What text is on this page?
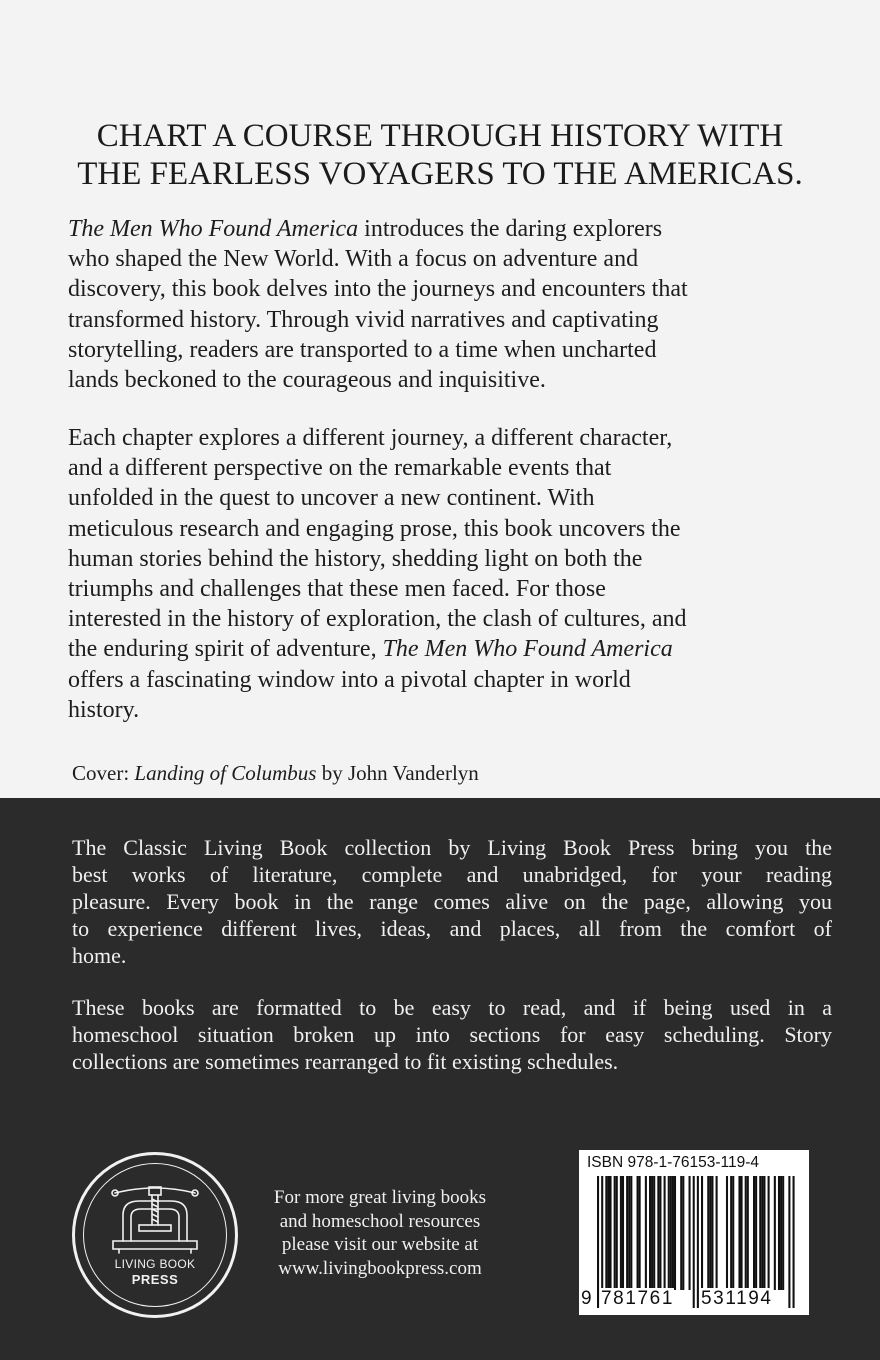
CHART A COURSE THROUGH HISTORY WITH
THE FEARLESS VOYAGERS TO THE AMERICAS.
The Men Who Found America introduces the daring explorers
who shaped the New World. With a focus on adventure and
discovery, this book delves into the journeys and encounters that
transformed history. Through vivid narratives and captivating
storytelling, readers are transported to a time when uncharted
lands beckoned to the courageous and inquisitive.
Each chapter explores a different journey, a different character,
and a different perspective on the remarkable events that
unfolded in the quest to uncover a new continent. With
meticulous research and engaging prose, this book uncovers the
human stories behind the history, shedding light on both the
triumphs and challenges that these men faced. For those
interested in the history of exploration, the clash of cultures, and
the enduring spirit of adventure, The Men Who Found America
offers a fascinating window into a pivotal chapter in world
history.
Cover: Landing of Columbus by John Vanderlyn
The Classic Living Book collection by Living Book Press bring you the
best works of literature, complete and unabridged, for your reading
pleasure. Every book in the range comes alive on the page, allowing you
to experience different lives, ideas, and places, all from the comfort of
home.
These books are formatted to be easy to read, and if being used in a
homeschool situation broken up into sections for easy scheduling. Story
collections are sometimes rearranged to fit existing schedules.
LIVING BOOK
PRESS
For more great living books
and homeschool resources
please visit our website at
www.livingbookpress.com
ISBN 978-1-76153-119-4
9 781761 531194
